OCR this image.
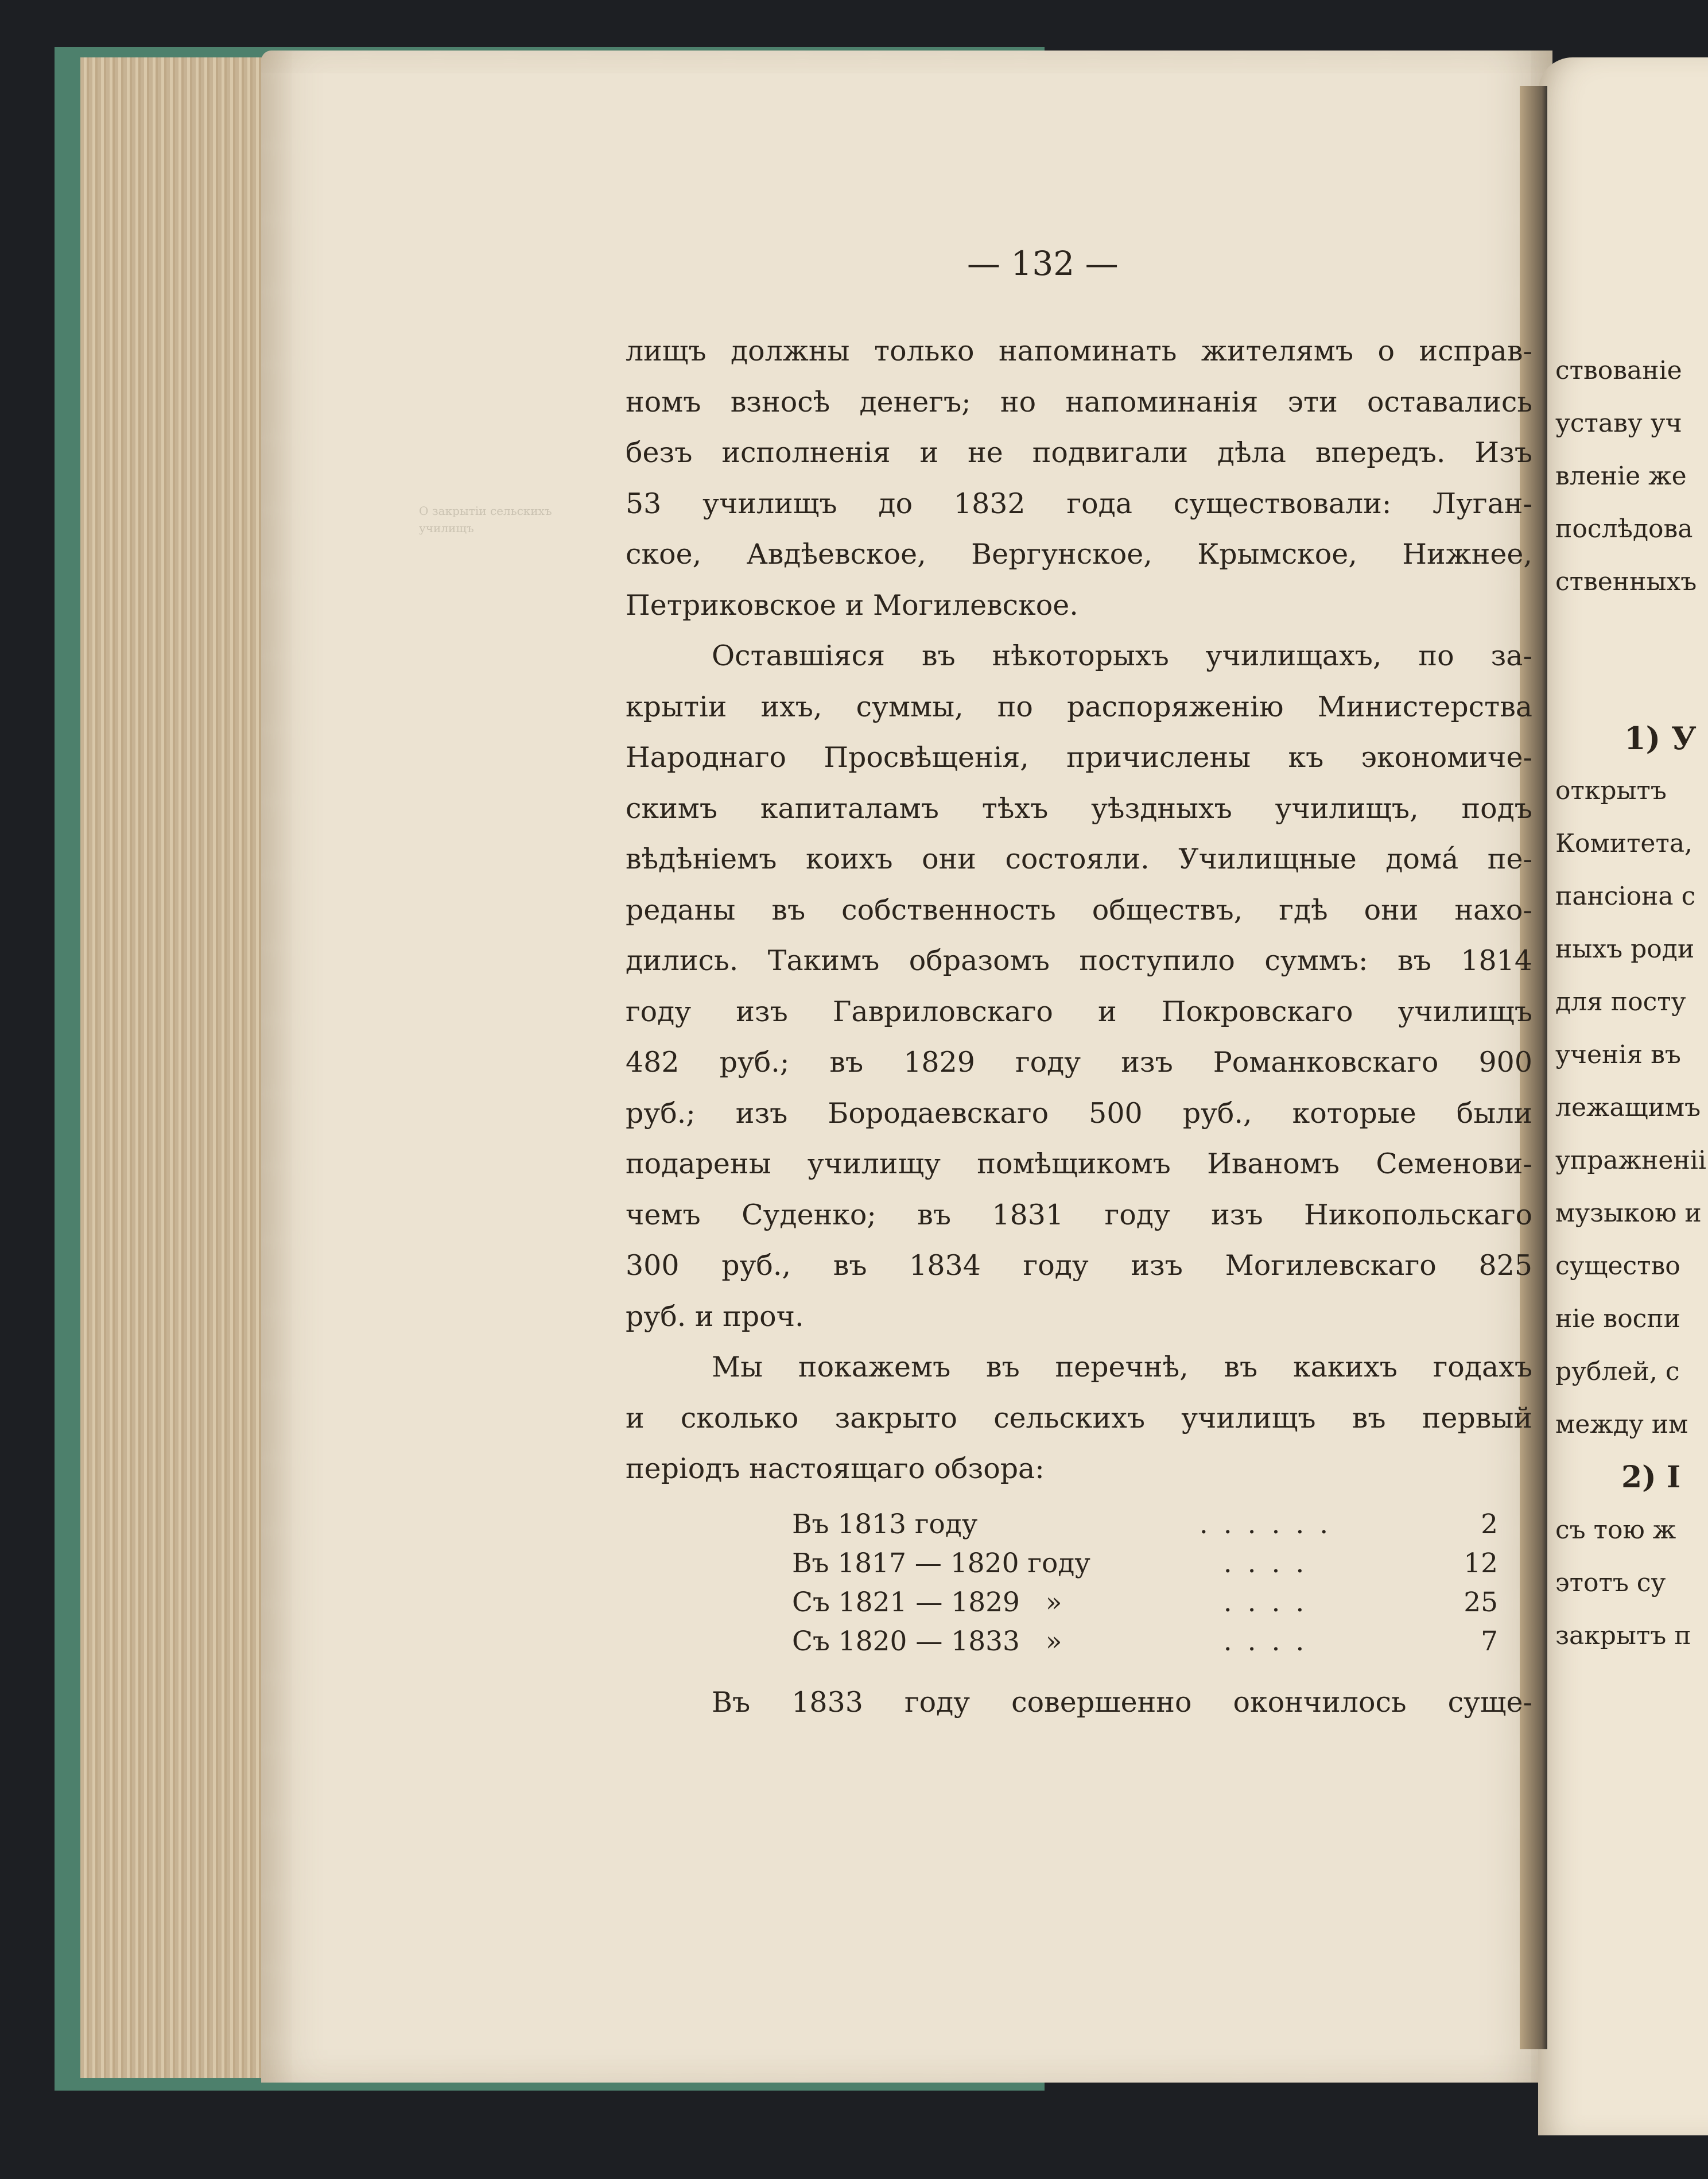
— 132 —
О закрытіи сельскихъ училищъ
лищъ должны только напоминать жителямъ о исправ-
номъ взносѣ денегъ; но напоминанія эти оставались
безъ исполненія и не подвигали дѣла впередъ. Изъ
53 училищъ до 1832 года существовали: Луган-
ское, Авдѣевское, Вергунское, Крымское, Нижнее,
Петриковское и Могилевское.
Оставшіяся въ нѣкоторыхъ училищахъ, по за-
крытіи ихъ, суммы, по распоряженію Министерства
Народнаго Просвѣщенія, причислены къ экономиче-
скимъ капиталамъ тѣхъ уѣздныхъ училищъ, подъ
вѣдѣніемъ коихъ они состояли. Училищные домá пе-
реданы въ собственность обществъ, гдѣ они нахо-
дились. Такимъ образомъ поступило суммъ: въ 1814
году изъ Гавриловскаго и Покровскаго училищъ
482 руб.; въ 1829 году изъ Романковскаго 900
руб.; изъ Бородаевскаго 500 руб., которые были
подарены училищу помѣщикомъ Иваномъ Семенови-
чемъ Суденко; въ 1831 году изъ Никопольскаго
300 руб., въ 1834 году изъ Могилевскаго 825
руб. и проч.
Мы покажемъ въ перечнѣ, въ какихъ годахъ
и сколько закрыто сельскихъ училищъ въ первый
періодъ настоящаго обзора:
Въ 1813 году	. . . . . .	2
Въ 1817 — 1820 году	. . . .	12
Съ 1821 — 1829   »	. . . .	25
Съ 1820 — 1833   »	. . . .	7
Въ 1833 году совершенно окончилось суще-
ствованіе
уставу уч
вленіе же
послѣдова
ственныхъ
1) У
открытъ
Комитета,
пансіона с
ныхъ роди
для посту
ученія въ
лежащимъ
упражненіі
музыкою и
существо
ніе воспи
рублей, с
между им
2) I
съ тою ж
этотъ су
закрытъ п
